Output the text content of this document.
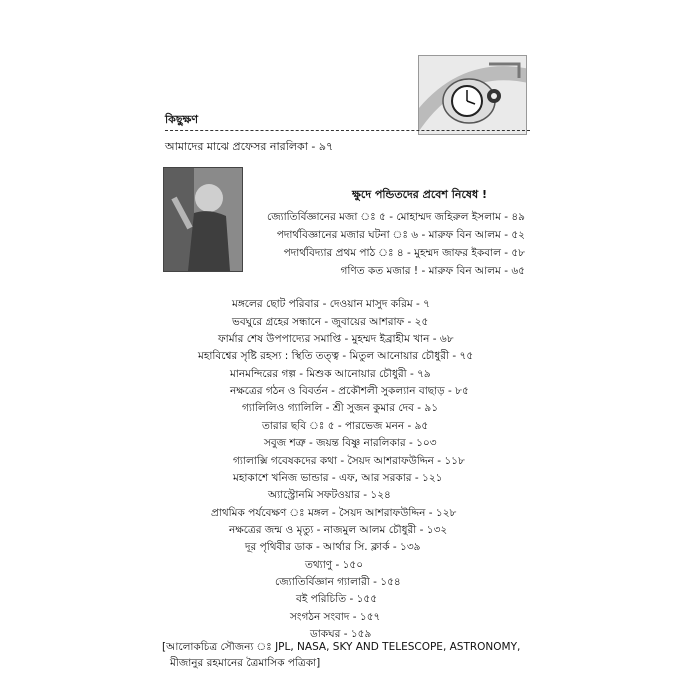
কিছুক্ষণ
আমাদের মাঝে প্রফেসর নারলিকা - ৯৭
ক্ষুদে পন্ডিতদের প্রবেশ নিষেধ !
জ্যোতির্বিজ্ঞানের মজা ঃ ৫ - মোহাম্মদ জহিরুল ইসলাম - ৪৯
পদার্থবিজ্ঞানের মজার ঘটনা ঃ ৬ - মারুফ বিন আলম - ৫২
পদার্থবিদ্যার প্রথম পাঠ ঃ ৪ - মুহম্মদ জাফর ইকবাল - ৫৮
গণিত কত মজার ! - মারুফ বিন আলম - ৬৫
মঙ্গলের ছোট পরিবার - দেওয়ান মাসুদ করিম - ৭
ভবঘুরে গ্রহের সন্ধানে - জুবায়ের আশরাফ - ২৫
ফার্মার শেষ উপপাদ্যের সমাপ্তি - মুহম্মদ ইব্রাহীম খান - ৬৮
মহাবিশ্বের সৃষ্টি রহস্য : স্থিতি তত্ত্ব - মিতুল আনোয়ার চৌধুরী - ৭৫
মানমন্দিরের গল্প - মিশুক আনোয়ার চৌধুরী - ৭৯
নক্ষত্রের গঠন ও বিবর্তন - প্রকৌশলী সুকল্যান বাছাড় - ৮৫
গ্যালিলিও গ্যালিলি - শ্রী সুজন কুমার দেব - ৯১
তারার ছবি ঃ ৫ - পারভেজ মনন - ৯৫
সবুজ শত্রু - জয়ন্ত বিষ্ণু নারলিকার - ১০৩
গ্যালাক্সি গবেষকদের কথা - সৈয়দ আশরাফউদ্দিন - ১১৮
মহাকাশে খনিজ ভান্ডার - এফ, আর সরকার - ১২১
অ্যাস্ট্রোনমি সফটওয়ার - ১২৪
প্রাথমিক পর্যবেক্ষণ ঃ মঙ্গল - সৈয়দ আশরাফউদ্দিন - ১২৮
নক্ষত্রের জন্ম ও মৃত্যু - নাজমুল আলম চৌধুরী - ১৩২
দূর পৃথিবীর ডাক - আর্থার সি. ক্লার্ক - ১৩৯
তথ্যাণু - ১৫০
জ্যোতির্বিজ্ঞান গ্যালারী - ১৫৪
বই পরিচিতি - ১৫৫
সংগঠন সংবাদ - ১৫৭
ডাকঘর - ১৫৯
[আলোকচিত্র সৌজন্য ঃ JPL, NASA, SKY AND TELESCOPE, ASTRONOMY,
মীজানুর রহমানের ত্রৈমাসিক পত্রিকা]
